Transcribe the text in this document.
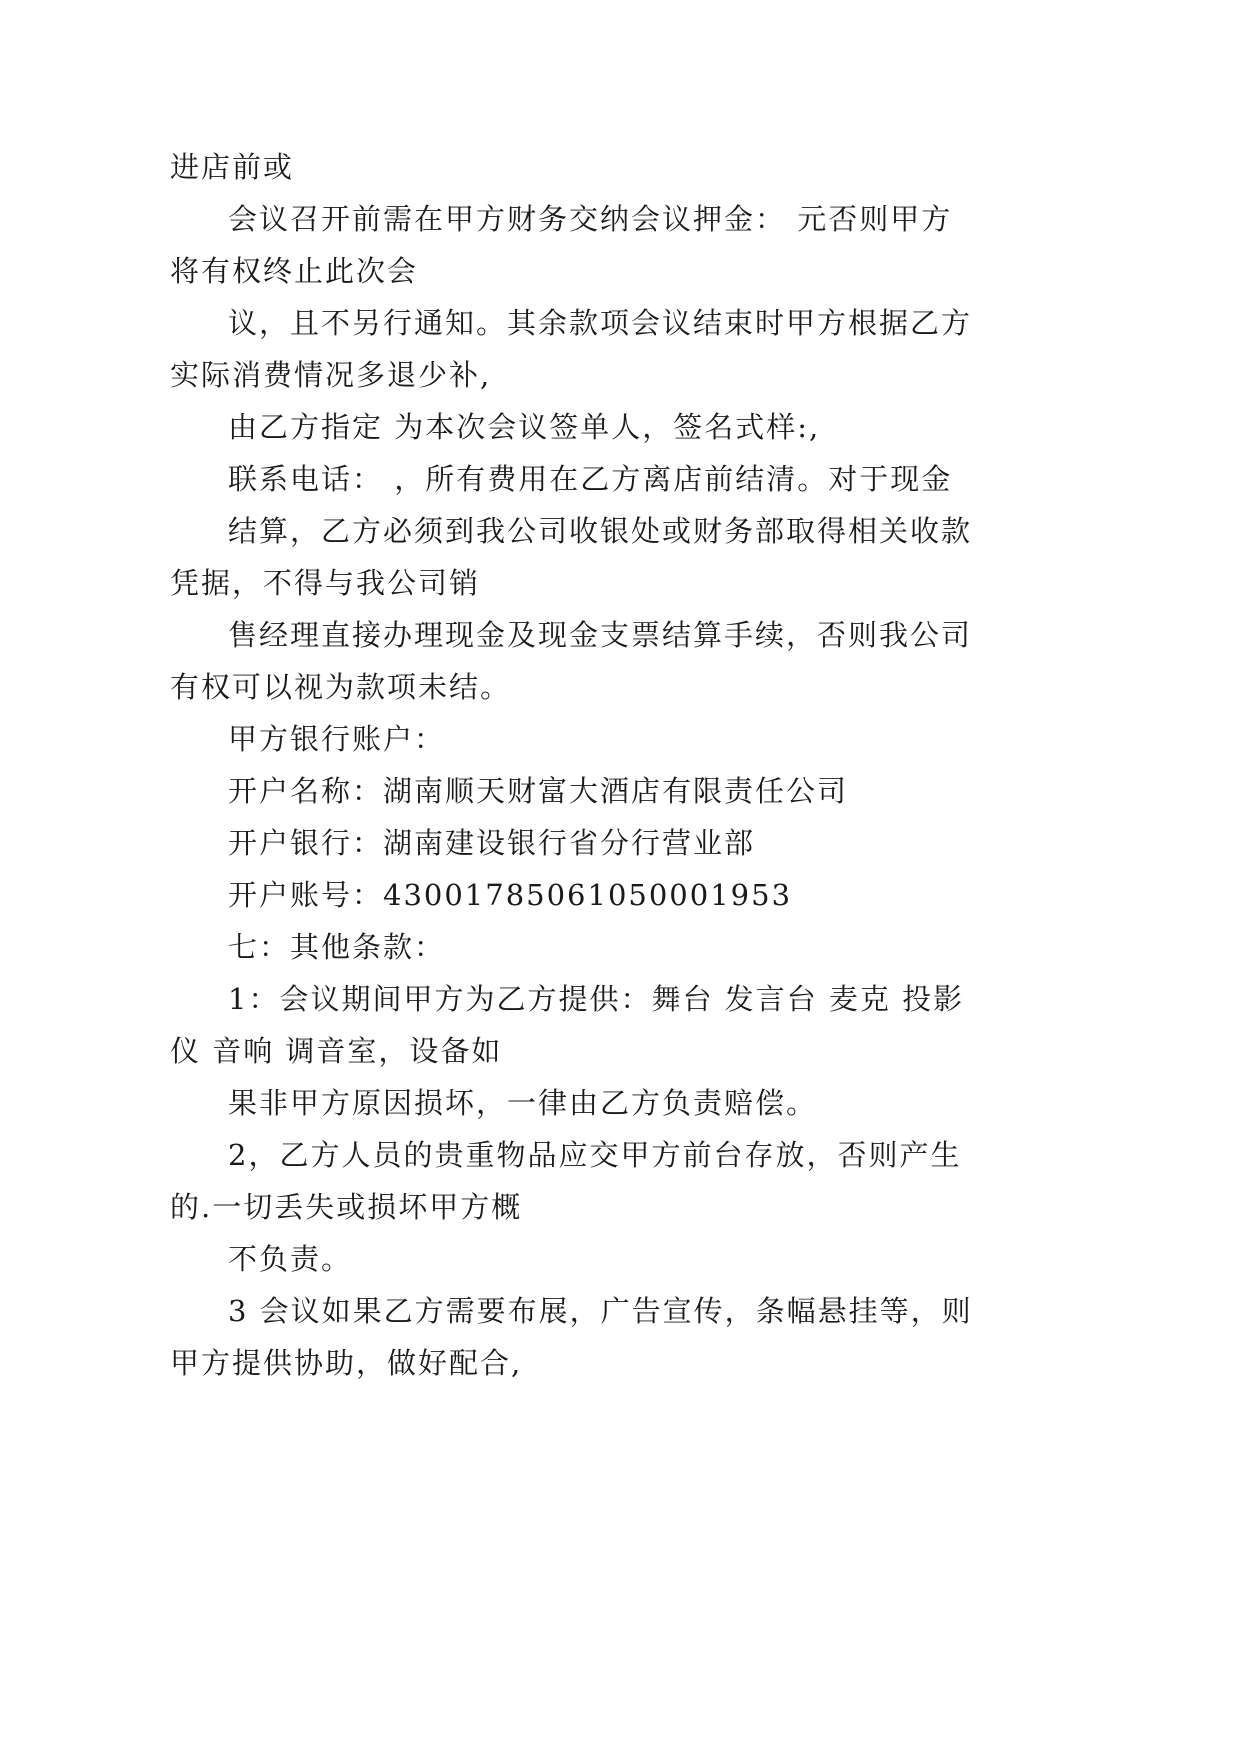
进店前或
会议召开前需在甲方财务交纳会议押金： 元否则甲方
将有权终止此次会
议，且不另行通知。其余款项会议结束时甲方根据乙方
实际消费情况多退少补,
由乙方指定 为本次会议签单人，签名式样:,
联系电话： ，所有费用在乙方离店前结清。对于现金
结算，乙方必须到我公司收银处或财务部取得相关收款
凭据，不得与我公司销
售经理直接办理现金及现金支票结算手续，否则我公司
有权可以视为款项未结。
甲方银行账户：
开户名称：湖南顺天财富大酒店有限责任公司
开户银行：湖南建设银行省分行营业部
开户账号：43001785061050001953
七：其他条款：
1：会议期间甲方为乙方提供：舞台 发言台 麦克 投影
仪 音响 调音室，设备如
果非甲方原因损坏，一律由乙方负责赔偿。
2，乙方人员的贵重物品应交甲方前台存放，否则产生
的.一切丢失或损坏甲方概
不负责。
3 会议如果乙方需要布展，广告宣传，条幅悬挂等，则
甲方提供协助，做好配合,
